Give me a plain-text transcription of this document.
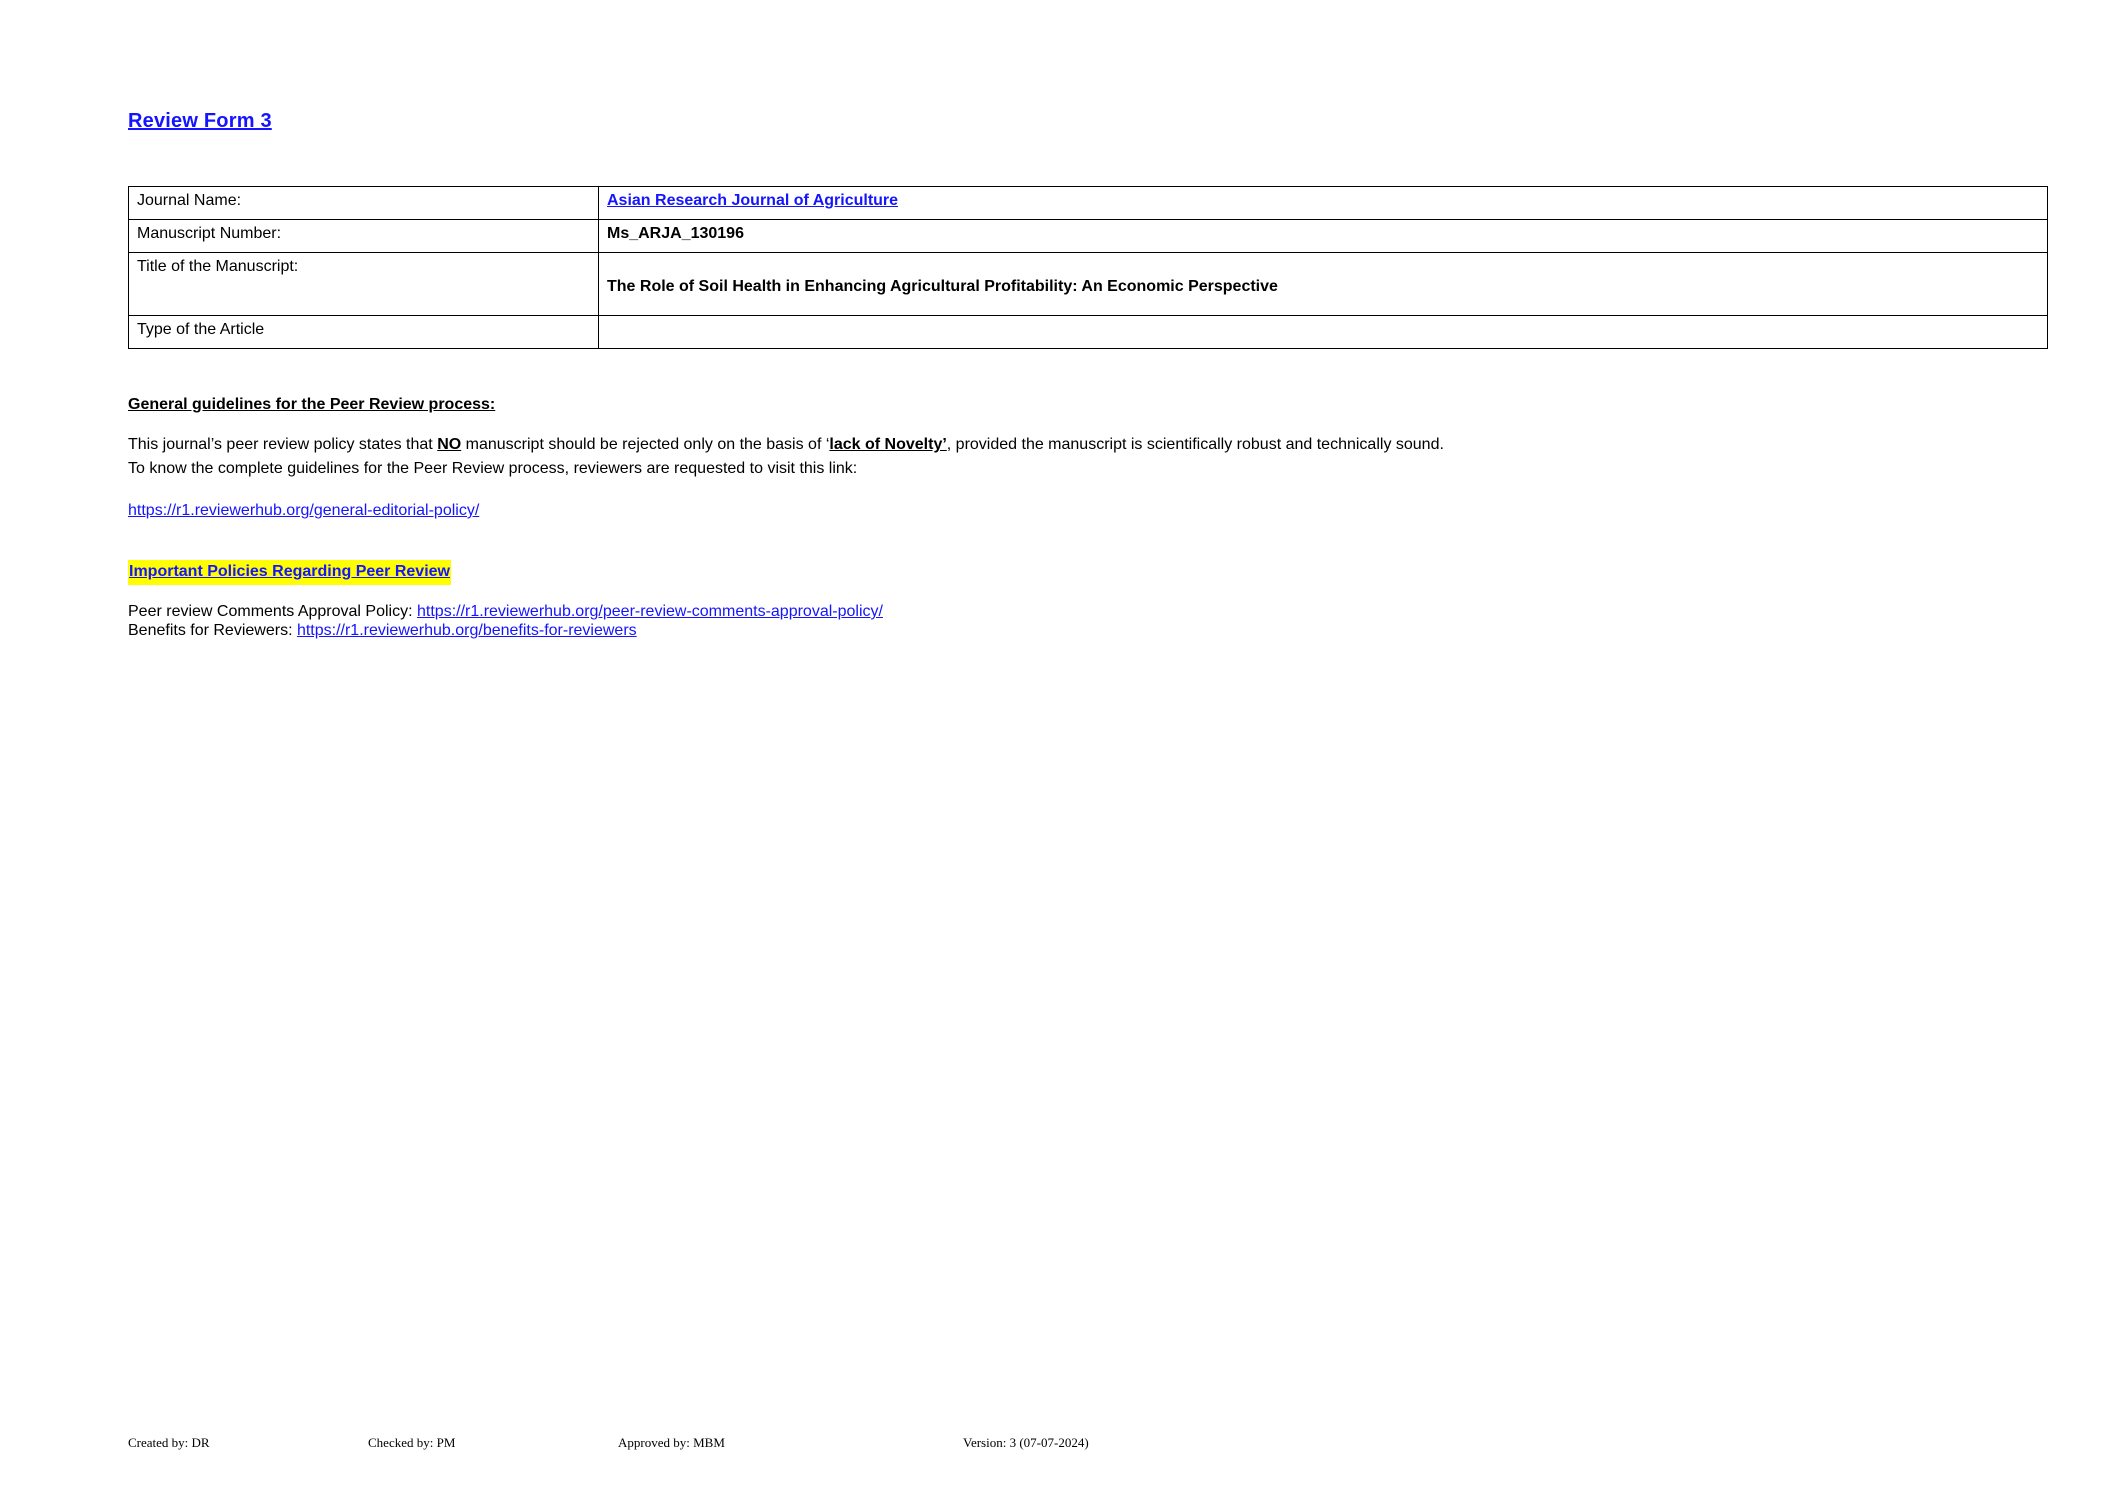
Review Form 3
Journal Name:	Asian Research Journal of Agriculture
Manuscript Number:	Ms_ARJA_130196
Title of the Manuscript:	The Role of Soil Health in Enhancing Agricultural Profitability: An Economic Perspective

Type of the Article	
General guidelines for the Peer Review process:
This journal’s peer review policy states that NO manuscript should be rejected only on the basis of ‘lack of Novelty’, provided the manuscript is scientifically robust and technically sound.
To know the complete guidelines for the Peer Review process, reviewers are requested to visit this link:
https://r1.reviewerhub.org/general-editorial-policy/
Important Policies Regarding Peer Review
Peer review Comments Approval Policy: https://r1.reviewerhub.org/peer-review-comments-approval-policy/
Benefits for Reviewers: https://r1.reviewerhub.org/benefits-for-reviewers
Created by: DR	Checked by: PM	Approved by: MBM	Version: 3 (07-07-2024)
